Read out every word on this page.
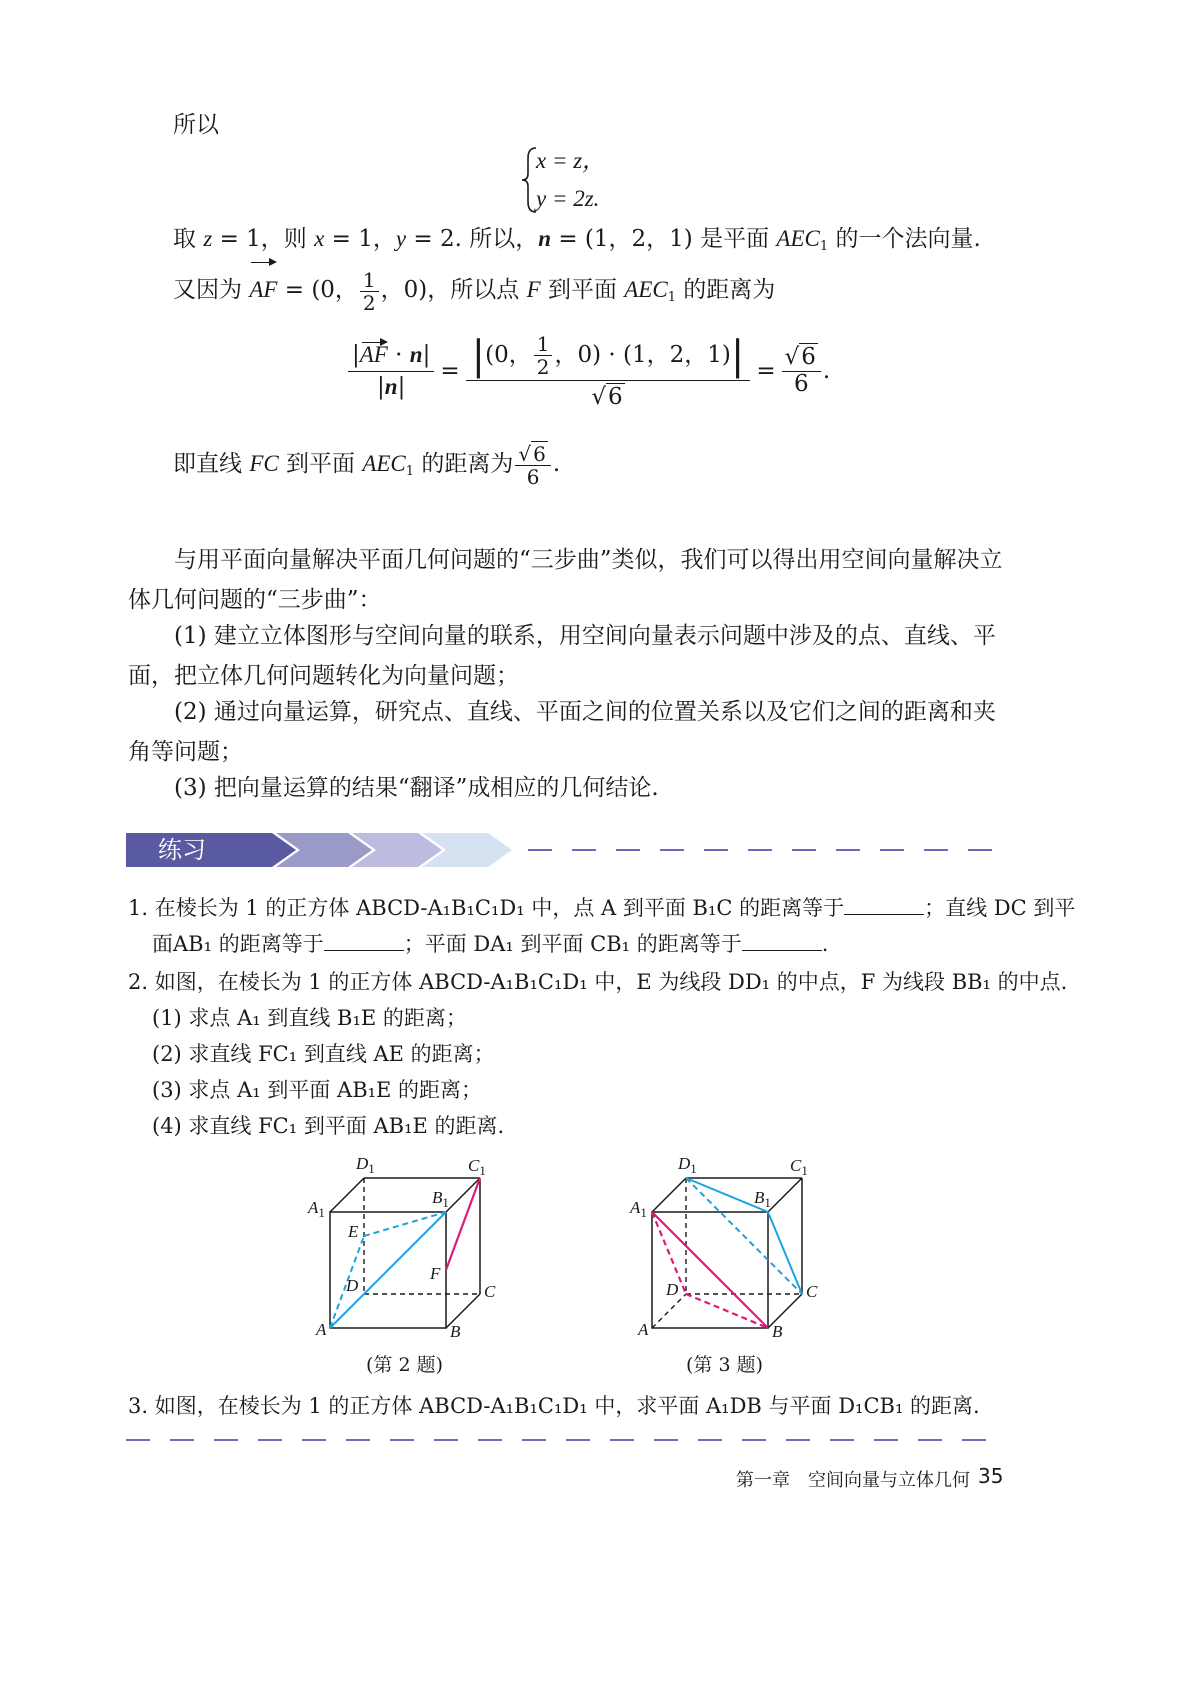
所以
x = z，
y = 2z.
取 z = 1，则 x = 1，y = 2. 所以，n = (1，2，1) 是平面 $AEC_1$ 的一个法向量.
又因为 AF = (0， $\frac{1}{2}$ ，0)，所以点 F 到平面 $AEC_1$ 的距离为
$\frac{|AF \cdot n|}{|n|} = \frac{| (0, \frac{1}{2} ,0) \cdot (1,2,1) |}{√6} = \frac{√6}{6}$ .
即直线 FC 到平面 $AEC_1$ 的距离为 $\frac{√ 6}{6}$ .
与用平面向量解决平面几何问题的“三步曲”类似，我们可以得出用空间向量解决立体几何问题的“三步曲”：
(1) 建立立体图形与空间向量的联系，用空间向量表示问题中涉及的点、直线、平面，把立体几何问题转化为向量问题；
(2) 通过向量运算，研究点、直线、平面之间的位置关系以及它们之间的距离和夹角等问题；
(3) 把向量运算的结果“翻译”成相应的几何结论.
练习
1. 在棱长为 1 的正方体 ABCD-A₁B₁C₁D₁ 中，点 A 到平面 B₁C 的距离等于	；直线 DC 到平
面AB₁ 的距离等于	；平面 DA₁ 到平面 CB₁ 的距离等于	.
2. 如图，在棱长为 1 的正方体 ABCD-A₁B₁C₁D₁ 中，E 为线段 DD₁ 的中点，F 为线段 BB₁ 的中点.
(1) 求点 A₁ 到直线 B₁E 的距离；
(2) 求直线 FC₁ 到直线 AE 的距离；
(3) 求点 A₁ 到平面 AB₁E 的距离；
(4) 求直线 FC₁ 到平面 AB₁E 的距离.
$D_1$	$C_1$
$A_1$
$B_1$
E
F
D	C
A	B
(第 2 题)
$D_1$	$C_1$
$A_1$
$B_1$
D	C
A	B
(第 3 题)
3. 如图，在棱长为 1 的正方体 ABCD-A₁B₁C₁D₁ 中，求平面 A₁DB 与平面 D₁CB₁ 的距离.
第一章　空间向量与立体几何 35
